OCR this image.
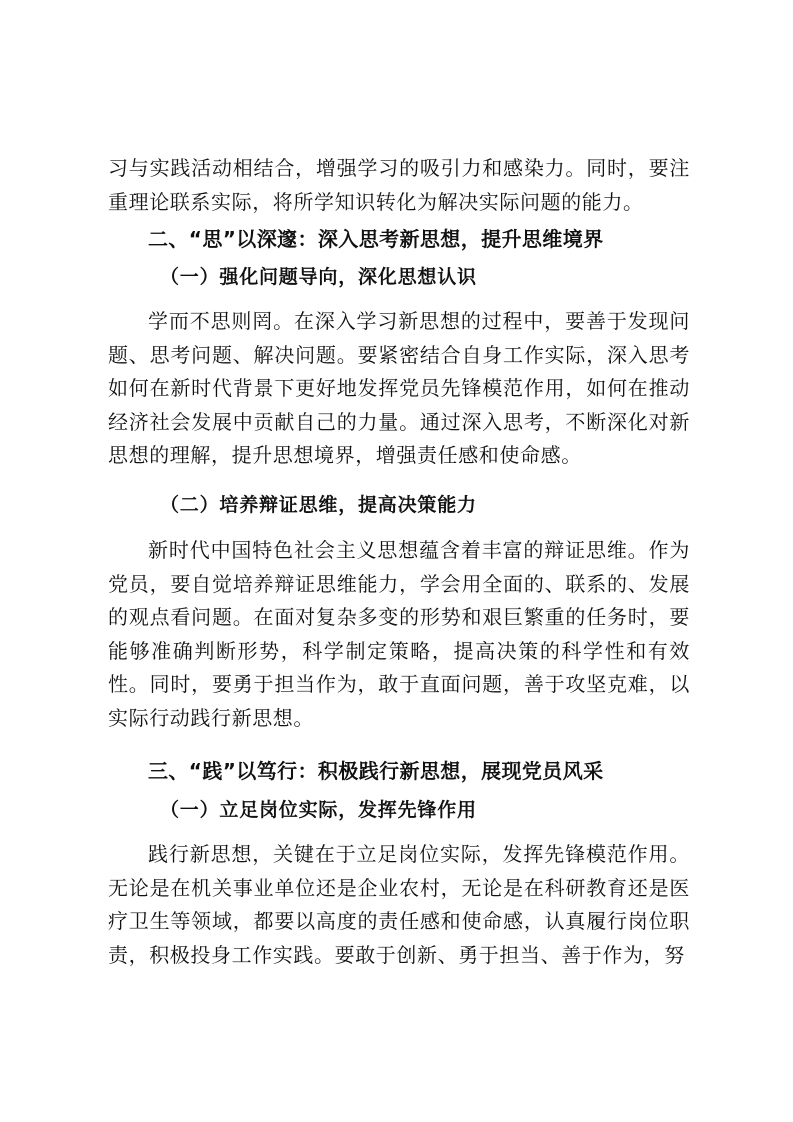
习与实践活动相结合，增强学习的吸引力和感染力。同时，要注重理论联系实际，将所学知识转化为解决实际问题的能力。

二、“思”以深邃：深入思考新思想，提升思维境界
（一）强化问题导向，深化思想认识

学而不思则罔。在深入学习新思想的过程中，要善于发现问题、思考问题、解决问题。要紧密结合自身工作实际，深入思考如何在新时代背景下更好地发挥党员先锋模范作用，如何在推动经济社会发展中贡献自己的力量。通过深入思考，不断深化对新思想的理解，提升思想境界，增强责任感和使命感。

（二）培养辩证思维，提高决策能力

新时代中国特色社会主义思想蕴含着丰富的辩证思维。作为党员，要自觉培养辩证思维能力，学会用全面的、联系的、发展的观点看问题。在面对复杂多变的形势和艰巨繁重的任务时，要能够准确判断形势，科学制定策略，提高决策的科学性和有效性。同时，要勇于担当作为，敢于直面问题，善于攻坚克难，以实际行动践行新思想。

三、“践”以笃行：积极践行新思想，展现党员风采
（一）立足岗位实际，发挥先锋作用

践行新思想，关键在于立足岗位实际，发挥先锋模范作用。无论是在机关事业单位还是企业农村，无论是在科研教育还是医疗卫生等领域，都要以高度的责任感和使命感，认真履行岗位职责，积极投身工作实践。要敢于创新、勇于担当、善于作为，努
